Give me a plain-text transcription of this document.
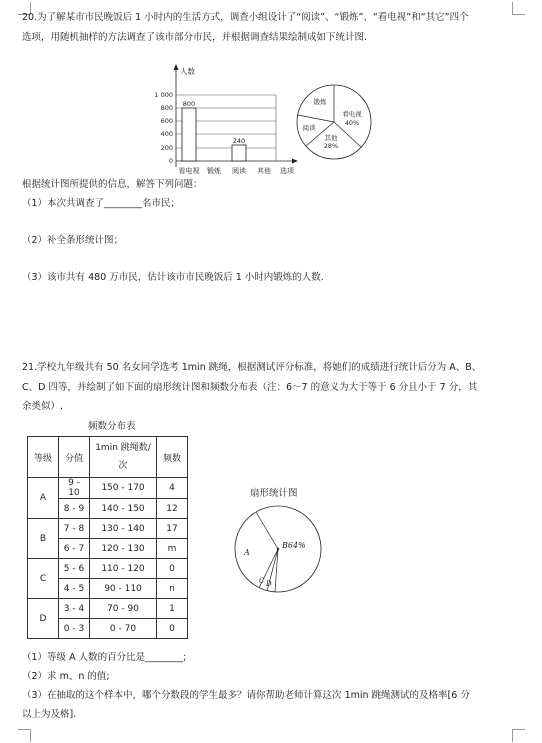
20.为了解某市市民晚饭后 1 小时内的生活方式，调查小组设计了“阅读”、“锻炼”、“看电视”和“其它”四个
选项，用随机抽样的方法调查了该市部分市民，并根据调查结果绘制成如下统计图.
人数
1 000
800
600
400
200
0
800
240
看电视 锻炼 阅读 其他 选项
锻炼
看电视
40%
阅读
其他
28%
根据统计图所提供的信息，解答下列问题：
（1）本次共调查了________名市民；
（2）补全条形统计图；
（3）该市共有 480 万市民，估计该市市民晚饭后 1 小时内锻炼的人数.
21.学校九年级共有 50 名女同学选考 1min 跳绳，根据测试评分标准，将她们的成绩进行统计后分为 A、B、
C、D 四等，并绘制了如下面的扇形统计图和频数分布表（注：6～7 的意义为大于等于 6 分且小于 7 分，其
余类似）.
频数分布表
等级	分值	1min 跳绳数/
次	频数
A	9 - 10	150 - 170	4
	8 - 9	140 - 150	12
B	7 - 8	130 - 140	17
	6 - 7	120 - 130	m
C	5 - 6	110 - 120	0
	4 - 5	90 - 110	n
D	3 - 4	70 - 90	1
	0 - 3	0 - 70	0
扇形统计图
A
B64%
C D
（1）等级 A 人数的百分比是________;
（2）求 m、n 的值;
（3）在抽取的这个样本中，哪个分数段的学生最多？请你帮助老师计算这次 1min 跳绳测试的及格率[6 分
以上为及格].
